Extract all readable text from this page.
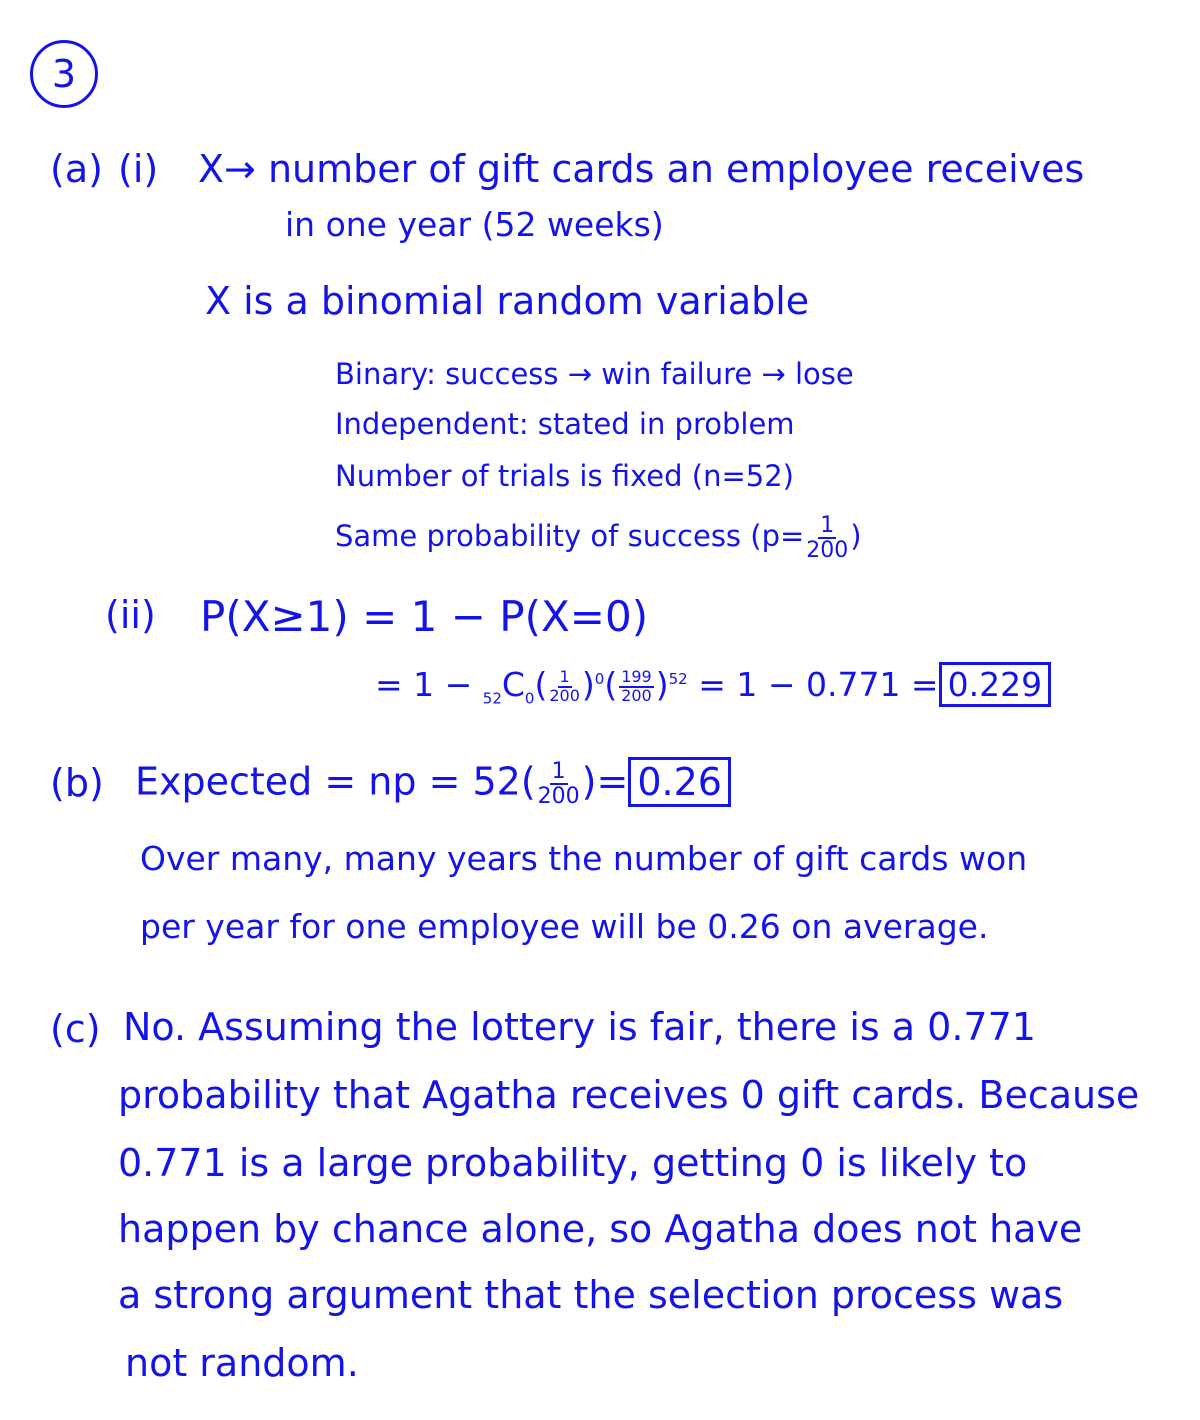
3
(a) (i) X→ number of gift cards an employee receives
in one year (52 weeks)
X is a binomial random variable
Binary: success → win failure → lose
Independent: stated in problem
Number of trials is fixed (n=52)
Same probability of success ($p= \frac{1}{200}$ )
(ii) P(X≥1) = 1 − P(X=0)
= $1 - _{52}C_0( \frac{1}{200} )^0( \frac{199}{200} )^{52} = 1 - 0.771 = 0.229$
(b) Expected = np = $52( \frac{1}{200}$ )= 0.26
Over many, many years the number of gift cards won
per year for one employee will be 0.26 on average.
(c) No. Assuming the lottery is fair, there is a 0.771
probability that Agatha receives 0 gift cards. Because
0.771 is a large probability, getting 0 is likely to
happen by chance alone, so Agatha does not have
a strong argument that the selection process was
not random.
